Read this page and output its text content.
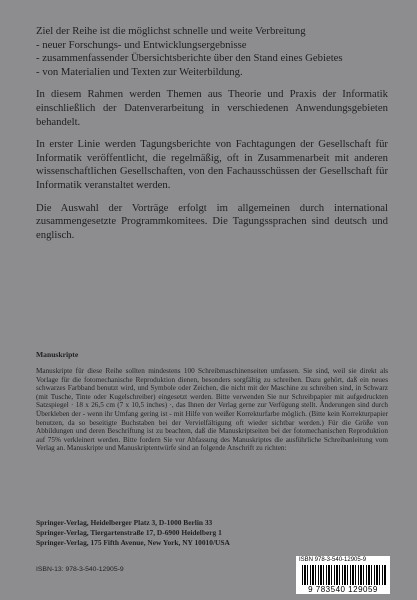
Ziel der Reihe ist die möglichst schnelle und weite Verbreitung

- neuer Forschungs- und Entwicklungsergebnisse
- zusammenfassender Übersichtsberichte über den Stand eines Gebietes
- von Materialien und Texten zur Weiterbildung.

In diesem Rahmen werden Themen aus Theorie und Praxis der Informatik einschließlich der Datenverarbeitung in verschiedenen Anwendungsgebieten behandelt.

In erster Linie werden Tagungsberichte von Fachtagungen der Gesellschaft für Informatik veröffentlicht, die regelmäßig, oft in Zusammenarbeit mit anderen wissenschaftlichen Gesellschaften, von den Fachausschüssen der Gesellschaft für Informatik veranstaltet werden.

Die Auswahl der Vorträge erfolgt im allgemeinen durch international zusammengesetzte Programmkomitees. Die Tagungssprachen sind deutsch und englisch.

Manuskripte

Manuskripte für diese Reihe sollten mindestens 100 Schreibmaschinenseiten umfassen. Sie sind, weil sie direkt als Vorlage für die fotomechanische Reproduktion dienen, besonders sorgfältig zu schreiben. Dazu gehört, daß ein neues schwarzes Farbband benutzt wird, und Symbole oder Zeichen, die nicht mit der Maschine zu schreiben sind, in Schwarz (mit Tusche, Tinte oder Kugelschreiber) eingesetzt werden. Bitte verwenden Sie nur Schreibpapier mit aufgedruckten Satzspiegel · 18 x 26,5 cm (7 x 10,5 inches) ·, das Ihnen der Verlag gerne zur Verfügung stellt. Änderungen sind durch Überkleben der - wenn ihr Umfang gering ist - mit Hilfe von weißer Korrekturfarbe möglich. (Bitte kein Korrekturpapier benutzen, da so beseitigte Buchstaben bei der Vervielfältigung oft wieder sichtbar werden.) Für die Größe von Abbildungen und deren Beschriftung ist zu beachten, daß die Manuskriptseiten bei der fotomechanischen Reproduktion auf 75% verkleinert werden. Bitte fordern Sie vor Abfassung des Manuskriptes die ausführliche Schreibanleitung vom Verlag an. Manuskripte und Manuskriptentwürfe sind an folgende Anschrift zu richten:

Springer-Verlag, Heidelberger Platz 3, D-1000 Berlin 33
Springer-Verlag, Tiergartenstraße 17, D-6900 Heidelberg 1
Springer-Verlag, 175 Fifth Avenue, New York, NY 10010/USA
ISBN-13: 978-3-540-12905-9
ISBN 978-3-540-12905-9
9 783540 129059
